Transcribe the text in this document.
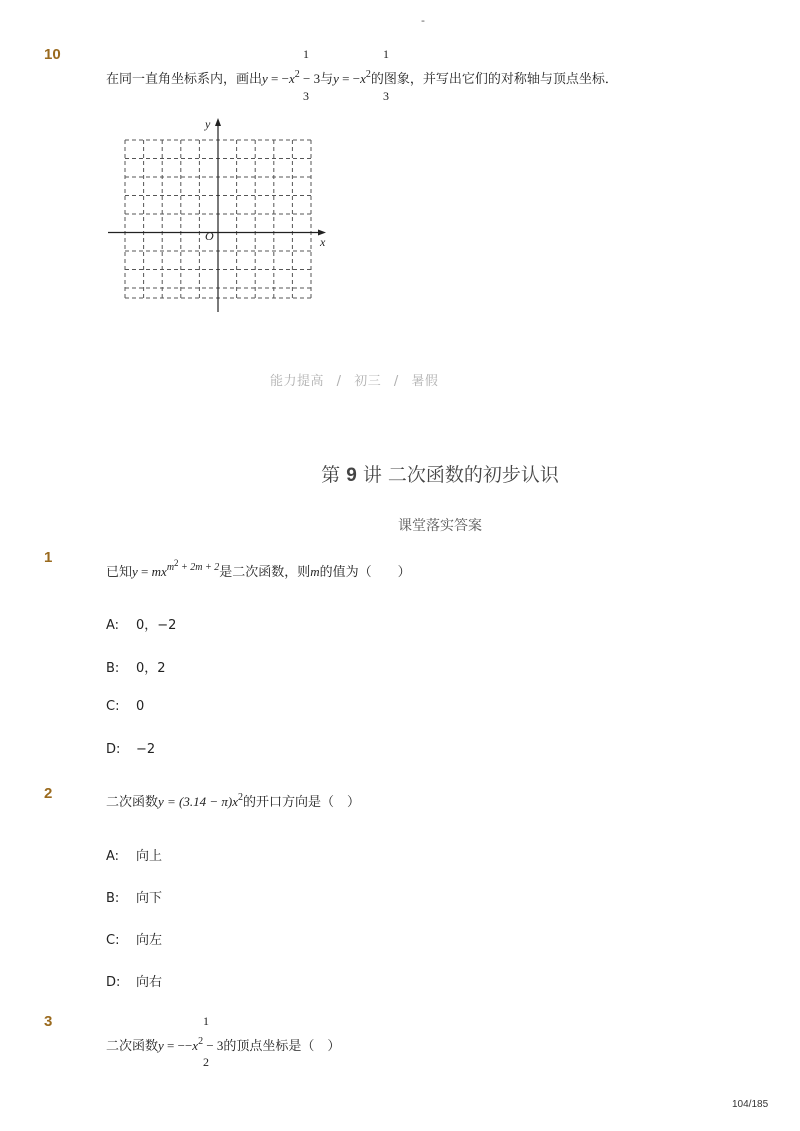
-
10	1
3
1
3
在同一直角坐标系内，画出$y = -x^2 - 3$与$y = -x^2$的图象，并写出它们的对称轴与顶点坐标．
y
x
O
能力提高 / 初三 / 暑假
第 9 讲 二次函数的初步认识
课堂落实答案
1
已知$y = mx^{m2}$ $^{+ 2m + 2}$是二次函数，则m的值为（　　）
A: 0，−2
B: 0，2
C: 0
D: −2
2
二次函数$y = (3.14 - \pi)x^2$的开口方向是（　）
A: 向上
B: 向下
C: 向左
D: 向右
3	1
2
二次函数$y = --x^2 - 3$的顶点坐标是（　）
104/185
